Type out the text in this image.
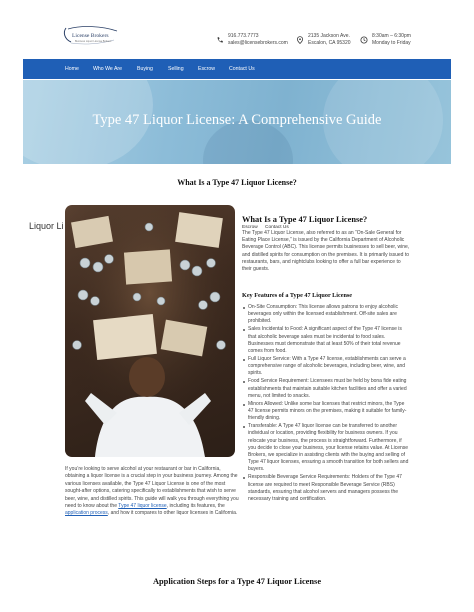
License Brokers
Business Liquor License Brokers
916.773.7773
sales@licensebrokers.com
2135 Jackson Ave.
Escalon, CA 95320
8:30am – 6:30pm
Monday to Friday
Home	Who We Are	Buying	Selling	Escrow	Contact Us
Type 47 Liquor License: A Comprehensive Guide
What Is a Type 47 Liquor License?
Liquor Li	Escrow Contact Us
If you’re looking to serve alcohol at your restaurant or bar in California, obtaining a liquor license is a crucial step in your business journey. Among the various licenses available, the Type 47 Liquor License is one of the most sought-after options, catering specifically to establishments that wish to serve beer, wine, and distilled spirits. This guide will walk you through everything you need to know about the Type 47 liquor license, including its features, the application process, and how it compares to other liquor licenses in California.
What Is a Type 47 Liquor License?
The Type 47 Liquor License, also referred to as an “On-Sale General for Eating Place License,” is issued by the California Department of Alcoholic Beverage Control (ABC). This license permits businesses to sell beer, wine, and distilled spirits for consumption on the premises. It is primarily issued to restaurants, bars, and nightclubs looking to offer a full bar experience to their guests.
Key Features of a Type 47 Liquor License
On-Site Consumption: This license allows patrons to enjoy alcoholic beverages only within the licensed establishment. Off-site sales are prohibited.
Sales Incidental to Food: A significant aspect of the Type 47 license is that alcoholic beverage sales must be incidental to food sales. Businesses must demonstrate that at least 50% of their total revenue comes from food.
Full Liquor Service: With a Type 47 license, establishments can serve a comprehensive range of alcoholic beverages, including beer, wine, and spirits.
Food Service Requirement: Licensees must be held by bona fide eating establishments that maintain suitable kitchen facilities and offer a varied menu, not limited to snacks.
Minors Allowed: Unlike some bar licenses that restrict minors, the Type 47 license permits minors on the premises, making it suitable for family-friendly dining.
Transferable: A Type 47 liquor license can be transferred to another individual or location, providing flexibility for business owners. If you relocate your business, the process is straightforward. Furthermore, if you decide to close your business, your license retains value. At License Brokers, we specialize in assisting clients with the buying and selling of Type 47 liquor licenses, ensuring a smooth transition for both sellers and buyers.
Responsible Beverage Service Requirements: Holders of the Type 47 license are required to meet Responsible Beverage Service (RBS) standards, ensuring that alcohol servers and managers possess the necessary training and certification.
Application Steps for a Type 47 Liquor License
